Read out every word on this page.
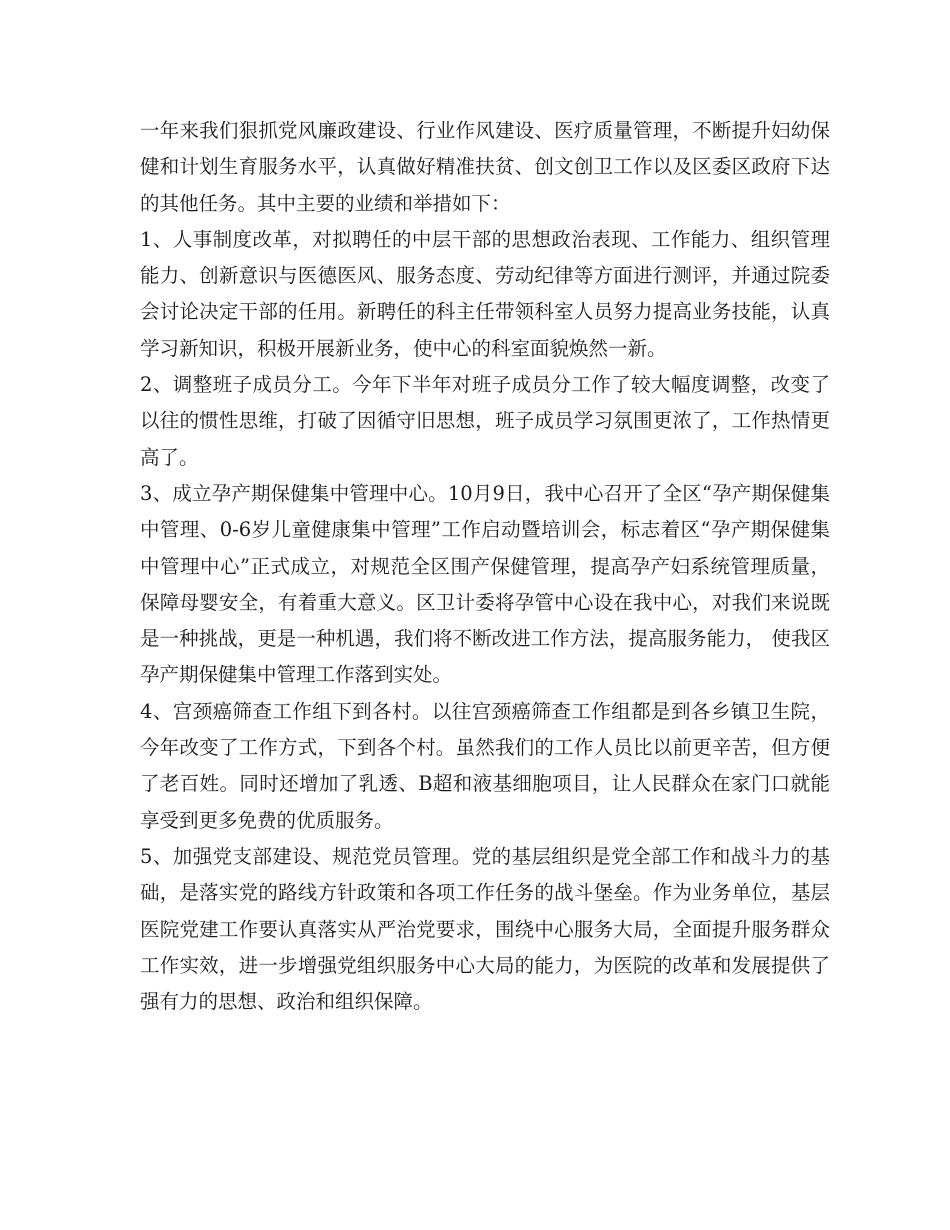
一年来我们狠抓党风廉政建设、行业作风建设、医疗质量管理，不断提升妇幼保健和计划生育服务水平，认真做好精准扶贫、创文创卫工作以及区委区政府下达的其他任务。其中主要的业绩和举措如下：

1、人事制度改革，对拟聘任的中层干部的思想政治表现、工作能力、组织管理能力、创新意识与医德医风、服务态度、劳动纪律等方面进行测评，并通过院委会讨论决定干部的任用。新聘任的科主任带领科室人员努力提高业务技能，认真学习新知识，积极开展新业务，使中心的科室面貌焕然一新。

2、调整班子成员分工。今年下半年对班子成员分工作了较大幅度调整，改变了以往的惯性思维，打破了因循守旧思想，班子成员学习氛围更浓了，工作热情更高了。

3、成立孕产期保健集中管理中心。10月9日，我中心召开了全区“孕产期保健集中管理、0-6岁儿童健康集中管理”工作启动暨培训会，标志着区“孕产期保健集中管理中心”正式成立，对规范全区围产保健管理，提高孕产妇系统管理质量，保障母婴安全，有着重大意义。区卫计委将孕管中心设在我中心，对我们来说既是一种挑战，更是一种机遇，我们将不断改进工作方法，提高服务能力， 使我区孕产期保健集中管理工作落到实处。

4、宫颈癌筛查工作组下到各村。以往宫颈癌筛查工作组都是到各乡镇卫生院，今年改变了工作方式，下到各个村。虽然我们的工作人员比以前更辛苦，但方便了老百姓。同时还增加了乳透、B超和液基细胞项目，让人民群众在家门口就能享受到更多免费的优质服务。

5、加强党支部建设、规范党员管理。党的基层组织是党全部工作和战斗力的基础，是落实党的路线方针政策和各项工作任务的战斗堡垒。作为业务单位，基层医院党建工作要认真落实从严治党要求，围绕中心服务大局，全面提升服务群众工作实效，进一步增强党组织服务中心大局的能力，为医院的改革和发展提供了强有力的思想、政治和组织保障。
